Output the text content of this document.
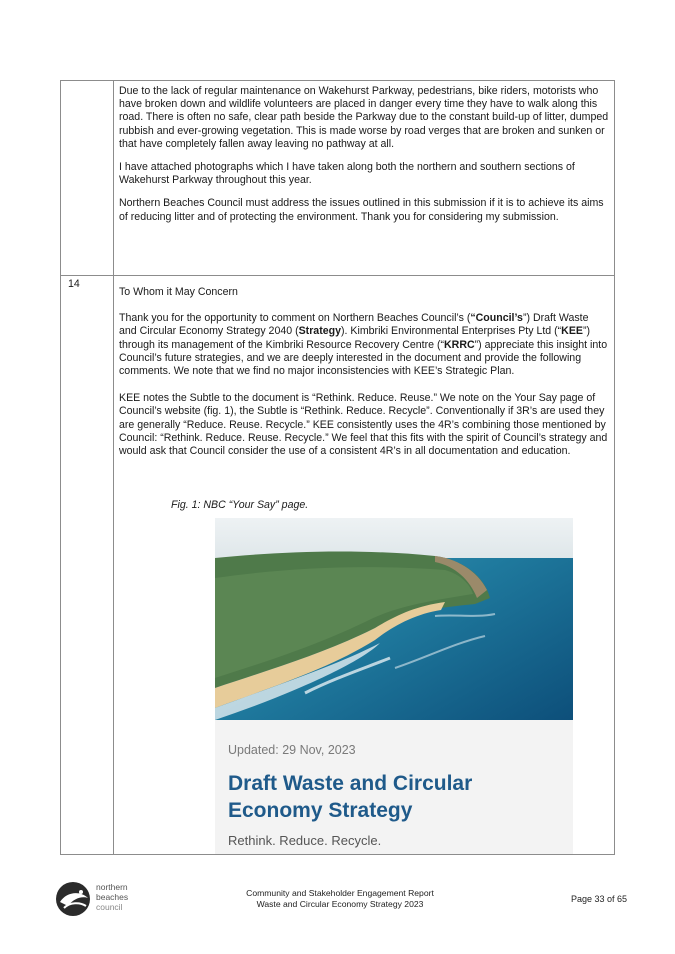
Due to the lack of regular maintenance on Wakehurst Parkway, pedestrians, bike riders, motorists who have broken down and wildlife volunteers are placed in danger every time they have to walk along this road. There is often no safe, clear path beside the Parkway due to the constant build-up of litter, dumped rubbish and ever-growing vegetation. This is made worse by road verges that are broken and sunken or that have completely fallen away leaving no pathway at all.

I have attached photographs which I have taken along both the northern and southern sections of Wakehurst Parkway throughout this year.

Northern Beaches Council must address the issues outlined in this submission if it is to achieve its aims of reducing litter and of protecting the environment. Thank you for considering my submission.

14

To Whom it May Concern

Thank you for the opportunity to comment on Northern Beaches Council’s (“Council’s”) Draft Waste and Circular Economy Strategy 2040 (Strategy). Kimbriki Environmental Enterprises Pty Ltd (“KEE”) through its management of the Kimbriki Resource Recovery Centre (“KRRC”) appreciate this insight into Council’s future strategies, and we are deeply interested in the document and provide the following comments. We note that we find no major inconsistencies with KEE’s Strategic Plan.

KEE notes the Subtle to the document is “Rethink. Reduce. Reuse.” We note on the Your Say page of Council’s website (fig. 1), the Subtle is “Rethink. Reduce. Recycle”. Conventionally if 3R’s are used they are generally “Reduce. Reuse. Recycle.” KEE consistently uses the 4R’s combining those mentioned by Council: “Rethink. Reduce. Reuse. Recycle.” We feel that this fits with the spirit of Council’s strategy and would ask that Council consider the use of a consistent 4R’s in all documentation and education.

Fig. 1: NBC “Your Say” page.
Updated: 29 Nov, 2023
Draft Waste and Circular
Economy Strategy
Rethink. Reduce. Recycle.
northern
beaches
council
Community and Stakeholder Engagement Report
Waste and Circular Economy Strategy 2023	Page 33 of 65
